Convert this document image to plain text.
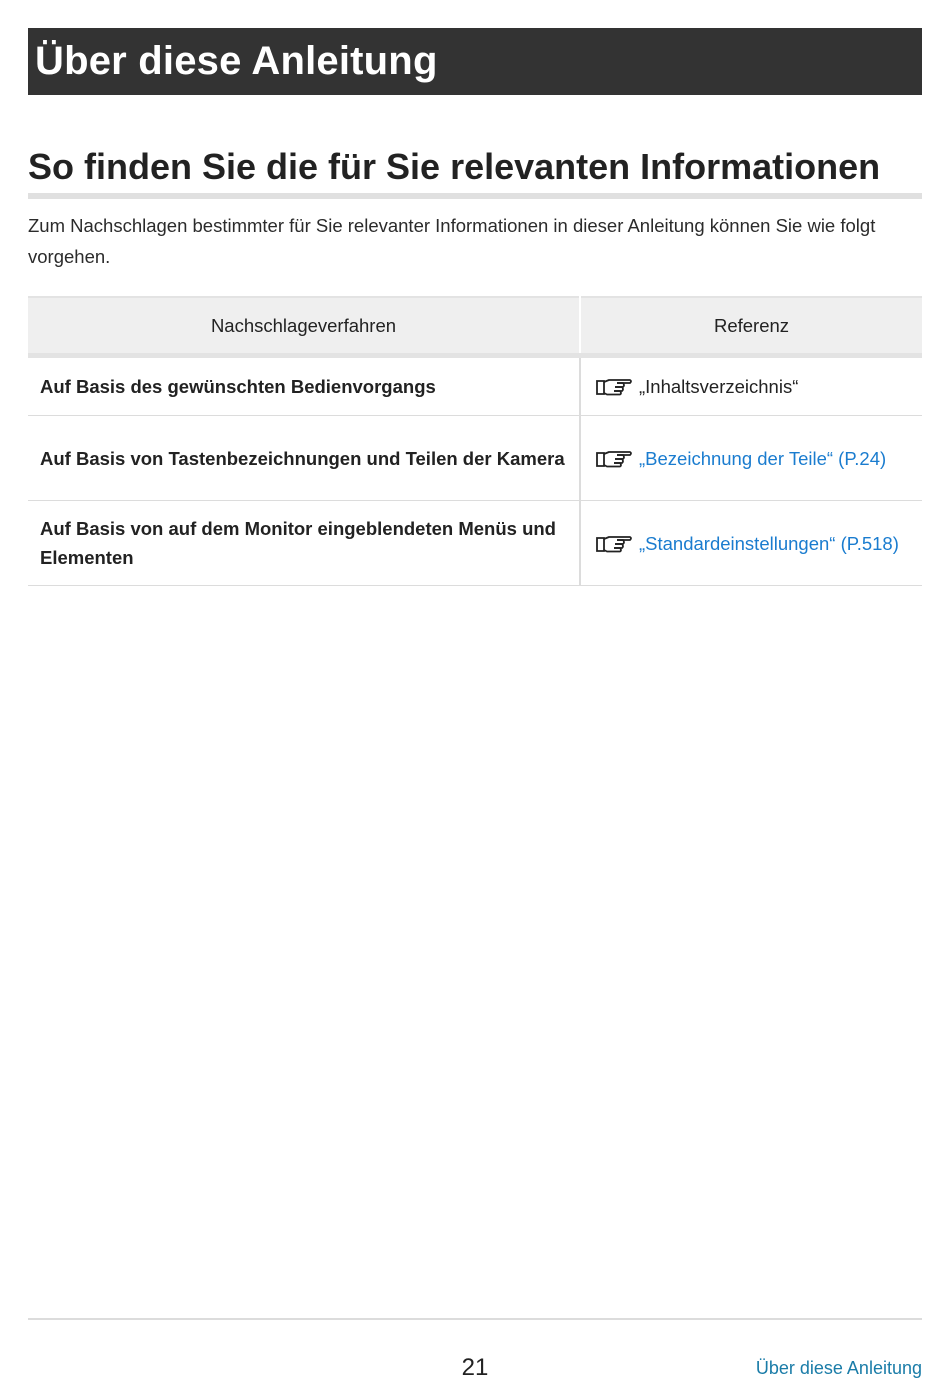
Über diese Anleitung
So finden Sie die für Sie relevanten Informationen

Zum Nachschlagen bestimmter für Sie relevanter Informationen in dieser Anleitung können Sie wie folgt vorgehen.

Nachschlageverfahren	Referenz
Auf Basis des gewünschten Bedienvorgangs	„Inhaltsverzeichnis“
Auf Basis von Tastenbezeichnungen und Teilen der Kamera	„Bezeichnung der Teile“ (P.24)
Auf Basis von auf dem Monitor eingeblendeten Menüs und Elementen	„Standardeinstellungen“ (P.518)
21	Über diese Anleitung
